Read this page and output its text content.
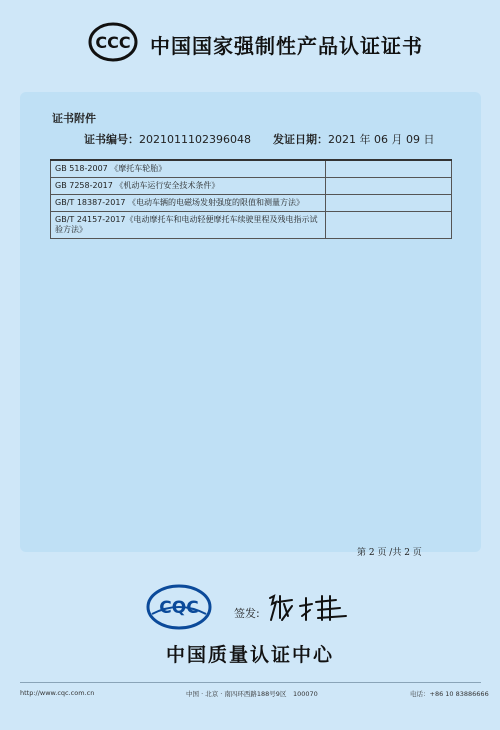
CCC 中国国家强制性产品认证证书
证书附件
证书编号：2021011102396048 发证日期：2021 年 06 月 09 日
GB 518-2007 《摩托车轮胎》	
GB 7258-2017 《机动车运行安全技术条件》	
GB/T 18387-2017 《电动车辆的电磁场发射强度的限值和测量方法》	
GB/T 24157-2017《电动摩托车和电动轻便摩托车续驶里程及残电指示试验方法》	
第 2 页 /共 2 页
CQC	签发:
中国质量认证中心
http://www.cqc.com.cn	中国 · 北京 · 南四环西路188号9区　100070	电话：+86 10 83886666
